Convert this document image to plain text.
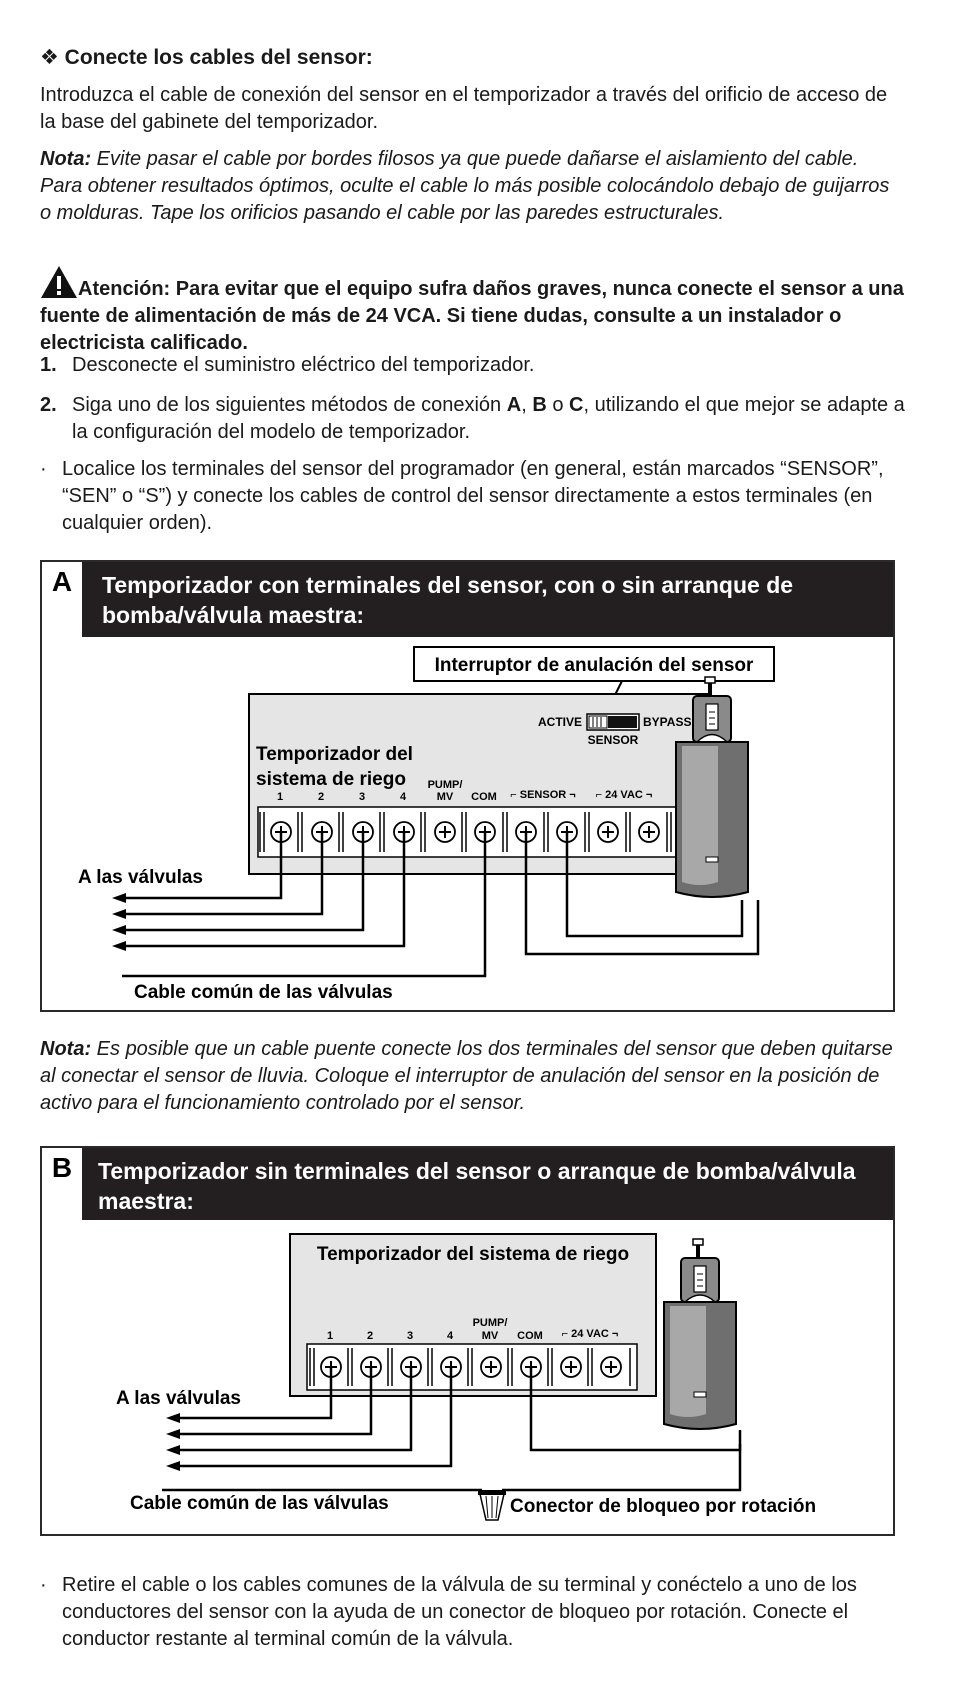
❖ Conecte los cables del sensor:

Introduzca el cable de conexión del sensor en el temporizador a través del orificio de acceso de la base del gabinete del temporizador.

Nota: Evite pasar el cable por bordes filosos ya que puede dañarse el aislamiento del cable. Para obtener resultados óptimos, oculte el cable lo más posible colocándolo debajo de guijarros o molduras. Tape los orificios pasando el cable por las paredes estructurales.

Atención: Para evitar que el equipo sufra daños graves, nunca conecte el sensor a una fuente de alimentación de más de 24 VCA. Si tiene dudas, consulte a un instalador o electricista calificado.
1. Desconecte el suministro eléctrico del temporizador.
2. Siga uno de los siguientes métodos de conexión A, B o C, utilizando el que mejor se adapte a la configuración del modelo de temporizador.
· Localice los terminales del sensor del programador (en general, están marcados “SENSOR”, “SEN” o “S”) y conecte los cables de control del sensor directamente a estos terminales (en cualquier orden).
A	Temporizador con terminales del sensor, con o sin arranque de bomba/válvula maestra:
Interruptor de anulación del sensor
ACTIVE	BYPASS
SENSOR
Temporizador del
sistema de riego
1	2	3	4
PUMP/
MV COM ⌐ SENSOR ¬ ⌐ 24 VAC ¬
A las válvulas
Cable común de las válvulas

Nota: Es posible que un cable puente conecte los dos terminales del sensor que deben quitarse al conectar el sensor de lluvia. Coloque el interruptor de anulación del sensor en la posición de activo para el funcionamiento controlado por el sensor.

B	Temporizador sin terminales del sensor o arranque de bomba/válvula maestra:
Temporizador del sistema de riego
1	2	3	4
PUMP/
MV COM ⌐ 24 VAC ¬
A las válvulas
Cable común de las válvulas	Conector de bloqueo por rotación
· Retire el cable o los cables comunes de la válvula de su terminal y conéctelo a uno de los conductores del sensor con la ayuda de un conector de bloqueo por rotación. Conecte el conductor restante al terminal común de la válvula.
